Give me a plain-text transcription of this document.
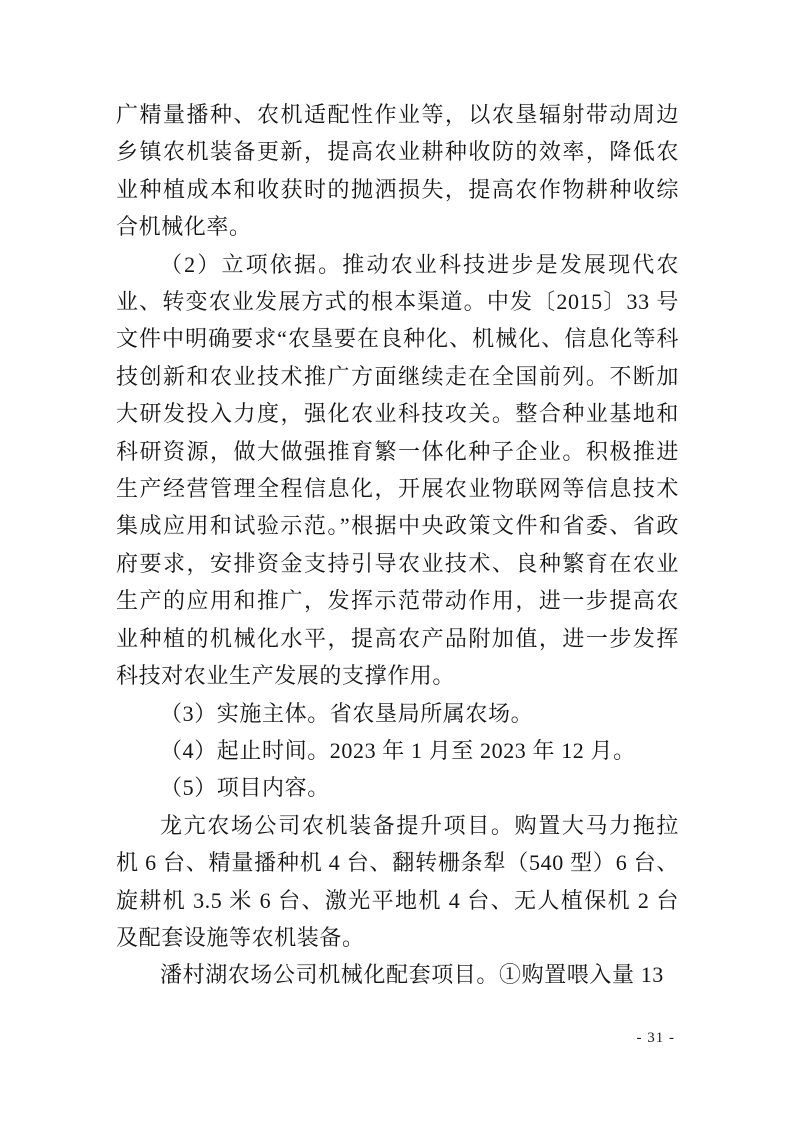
广精量播种、农机适配性作业等，以农垦辐射带动周边乡镇农机装备更新，提高农业耕种收防的效率，降低农业种植成本和收获时的抛洒损失，提高农作物耕种收综合机械化率。

（2）立项依据。推动农业科技进步是发展现代农业、转变农业发展方式的根本渠道。中发〔2015〕33 号文件中明确要求“农垦要在良种化、机械化、信息化等科技创新和农业技术推广方面继续走在全国前列。不断加大研发投入力度，强化农业科技攻关。整合种业基地和科研资源，做大做强推育繁一体化种子企业。积极推进生产经营管理全程信息化，开展农业物联网等信息技术集成应用和试验示范。”根据中央政策文件和省委、省政府要求，安排资金支持引导农业技术、良种繁育在农业生产的应用和推广，发挥示范带动作用，进一步提高农业种植的机械化水平，提高农产品附加值，进一步发挥科技对农业生产发展的支撑作用。

（3）实施主体。省农垦局所属农场。

（4）起止时间。2023 年 1 月至 2023 年 12 月。

（5）项目内容。

龙亢农场公司农机装备提升项目。购置大马力拖拉机 6 台、精量播种机 4 台、翻转栅条犁（540 型）6 台、旋耕机 3.5 米 6 台、激光平地机 4 台、无人植保机 2 台及配套设施等农机装备。

潘村湖农场公司机械化配套项目。①购置喂入量 13

- 31 -
